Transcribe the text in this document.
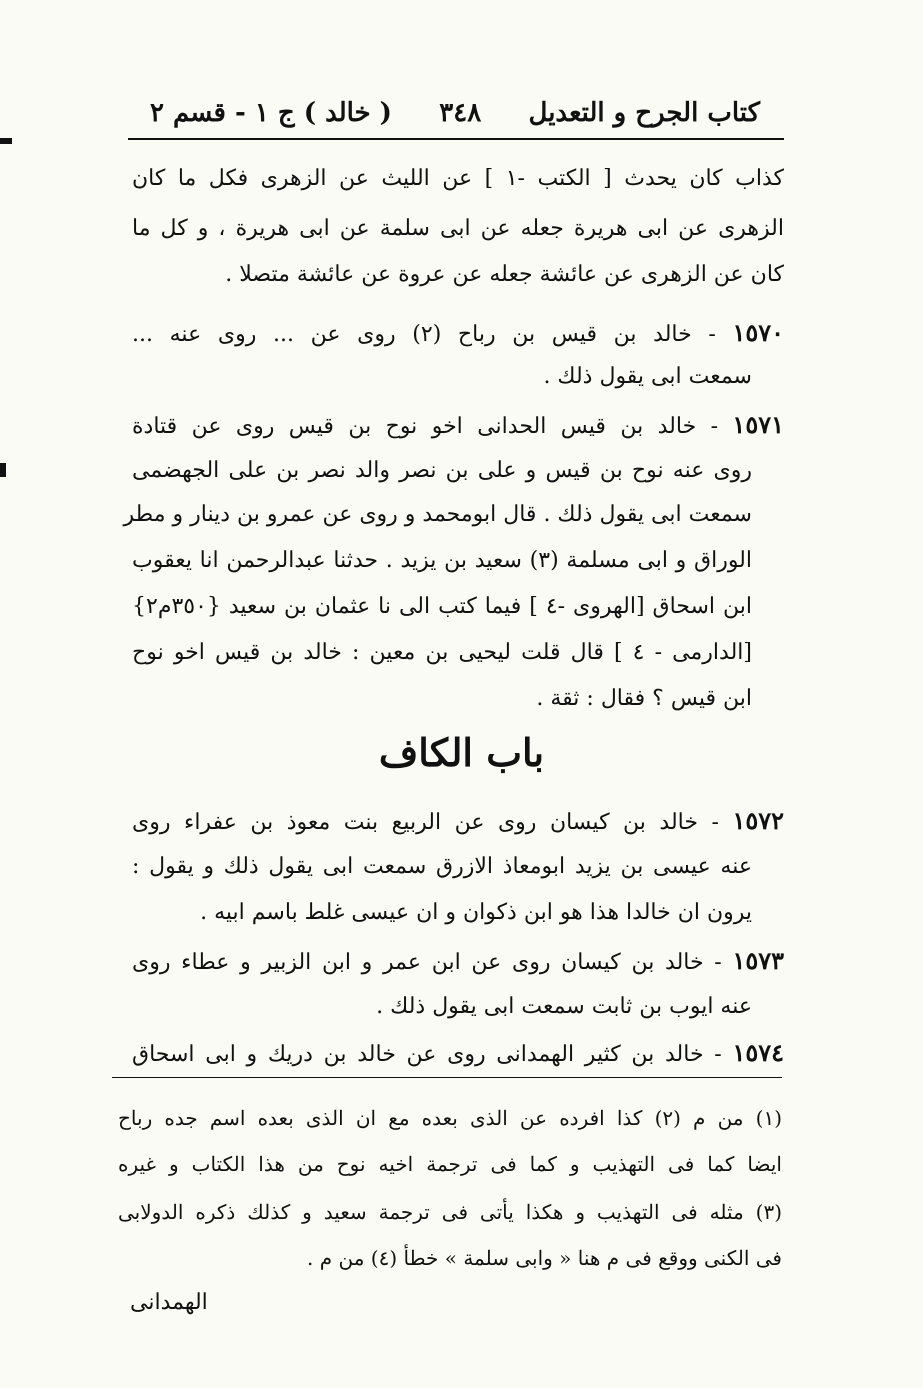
كتاب الجرح و التعديل
٣٤٨
( خالد ) ج ١ - قسم ٢
كذاب كان يحدث [ الكتب -١ ] عن الليث عن الزهرى فكل ما كان
الزهرى عن ابى هريرة جعله عن ابى سلمة عن ابى هريرة ، و كل ما
كان عن الزهرى عن عائشة جعله عن عروة عن عائشة متصلا .
١٥٧٠ - خالد بن قيس بن رباح (٢) روى عن ... روى عنه ...
سمعت ابى يقول ذلك .
١٥٧١ - خالد بن قيس الحدانى اخو نوح بن قيس روى عن قتادة
روى عنه نوح بن قيس و على بن نصر والد نصر بن على الجهضمى
سمعت ابى يقول ذلك . قال ابومحمد و روى عن عمرو بن دينار و مطر
الوراق و ابى مسلمة (٣) سعيد بن يزيد . حدثنا عبدالرحمن انا يعقوب
ابن اسحاق [الهروى -٤ ] فيما كتب الى نا عثمان بن سعيد {٣٥٠م٢}
[الدارمى - ٤ ] قال قلت ليحيى بن معين : خالد بن قيس اخو نوح
ابن قيس ؟ فقال : ثقة .
باب الكاف
١٥٧٢ - خالد بن كيسان روى عن الربيع بنت معوذ بن عفراء روى
عنه عيسى بن يزيد ابومعاذ الازرق سمعت ابى يقول ذلك و يقول :
يرون ان خالدا هذا هو ابن ذكوان و ان عيسى غلط باسم ابيه .
١٥٧٣ - خالد بن كيسان روى عن ابن عمر و ابن الزبير و عطاء روى
عنه ايوب بن ثابت سمعت ابى يقول ذلك .
١٥٧٤ - خالد بن كثير الهمدانى روى عن خالد بن دريك و ابى اسحاق
(١) من م (٢) كذا افرده عن الذى بعده مع ان الذى بعده اسم جده رباح
ايضا كما فى التهذيب و كما فى ترجمة اخيه نوح من هذا الكتاب و غيره
(٣) مثله فى التهذيب و هكذا يأتى فى ترجمة سعيد و كذلك ذكره الدولابى
فى الكنى ووقع فى م هنا « وابى سلمة » خطأ (٤) من م .
الهمدانى
